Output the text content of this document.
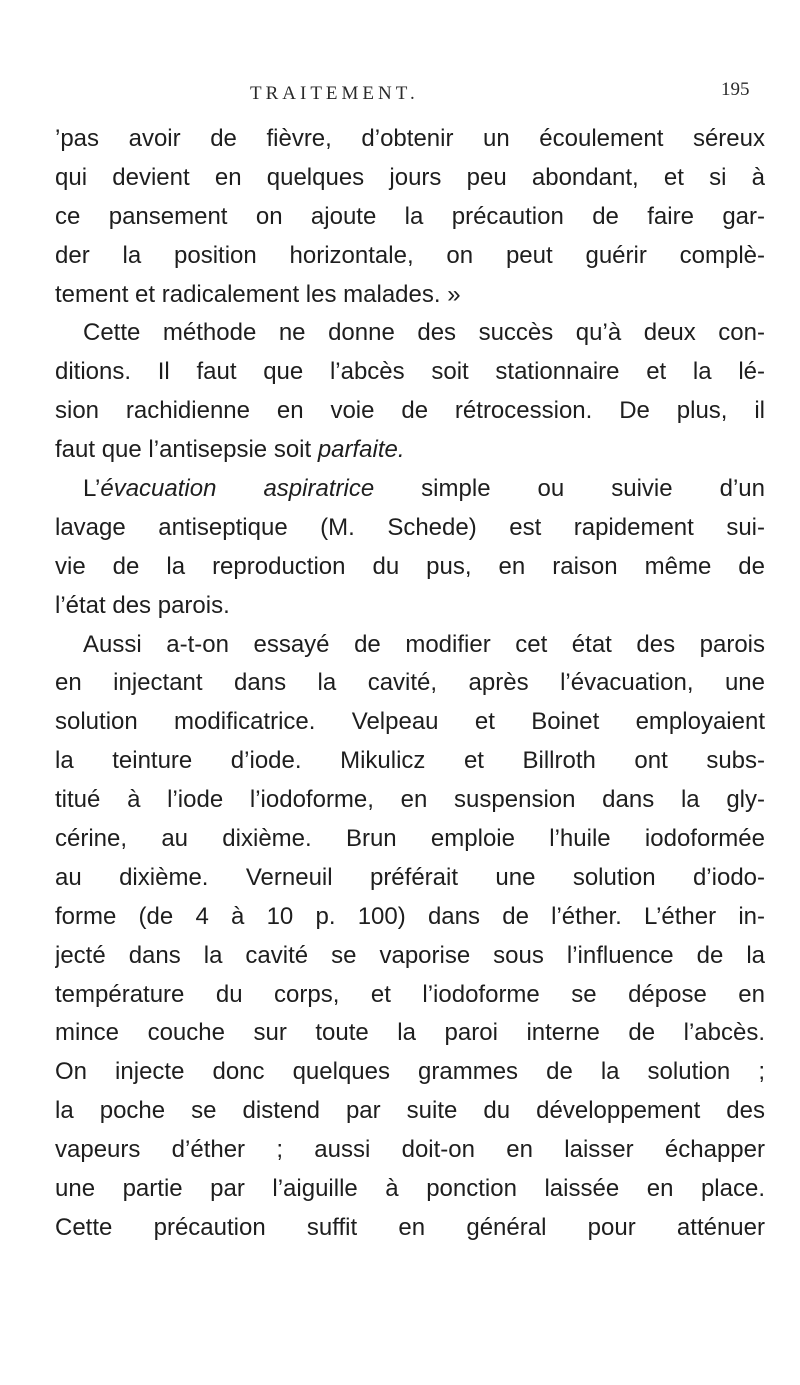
TRAITEMENT.	195
’pas avoir de fièvre, d’obtenir un écoulement séreux
qui devient en quelques jours peu abondant, et si à
ce pansement on ajoute la précaution de faire gar-
der la position horizontale, on peut guérir complè-
tement et radicalement les malades. »
Cette méthode ne donne des succès qu’à deux con-
ditions. Il faut que l’abcès soit stationnaire et la lé-
sion rachidienne en voie de rétrocession. De plus, il
faut que l’antisepsie soit parfaite.
L’évacuation aspiratrice simple ou suivie d’un
lavage antiseptique (M. Schede) est rapidement sui-
vie de la reproduction du pus, en raison même de
l’état des parois.
Aussi a-t-on essayé de modifier cet état des parois
en injectant dans la cavité, après l’évacuation, une
solution modificatrice. Velpeau et Boinet employaient
la teinture d’iode. Mikulicz et Billroth ont subs-
titué à l’iode l’iodoforme, en suspension dans la gly-
cérine, au dixième. Brun emploie l’huile iodoformée
au dixième. Verneuil préférait une solution d’iodo-
forme (de 4 à 10 p. 100) dans de l’éther. L’éther in-
jecté dans la cavité se vaporise sous l’influence de la
température du corps, et l’iodoforme se dépose en
mince couche sur toute la paroi interne de l’abcès.
On injecte donc quelques grammes de la solution ;
la poche se distend par suite du développement des
vapeurs d’éther ; aussi doit-on en laisser échapper
une partie par l’aiguille à ponction laissée en place.
Cette précaution suffit en général pour atténuer
